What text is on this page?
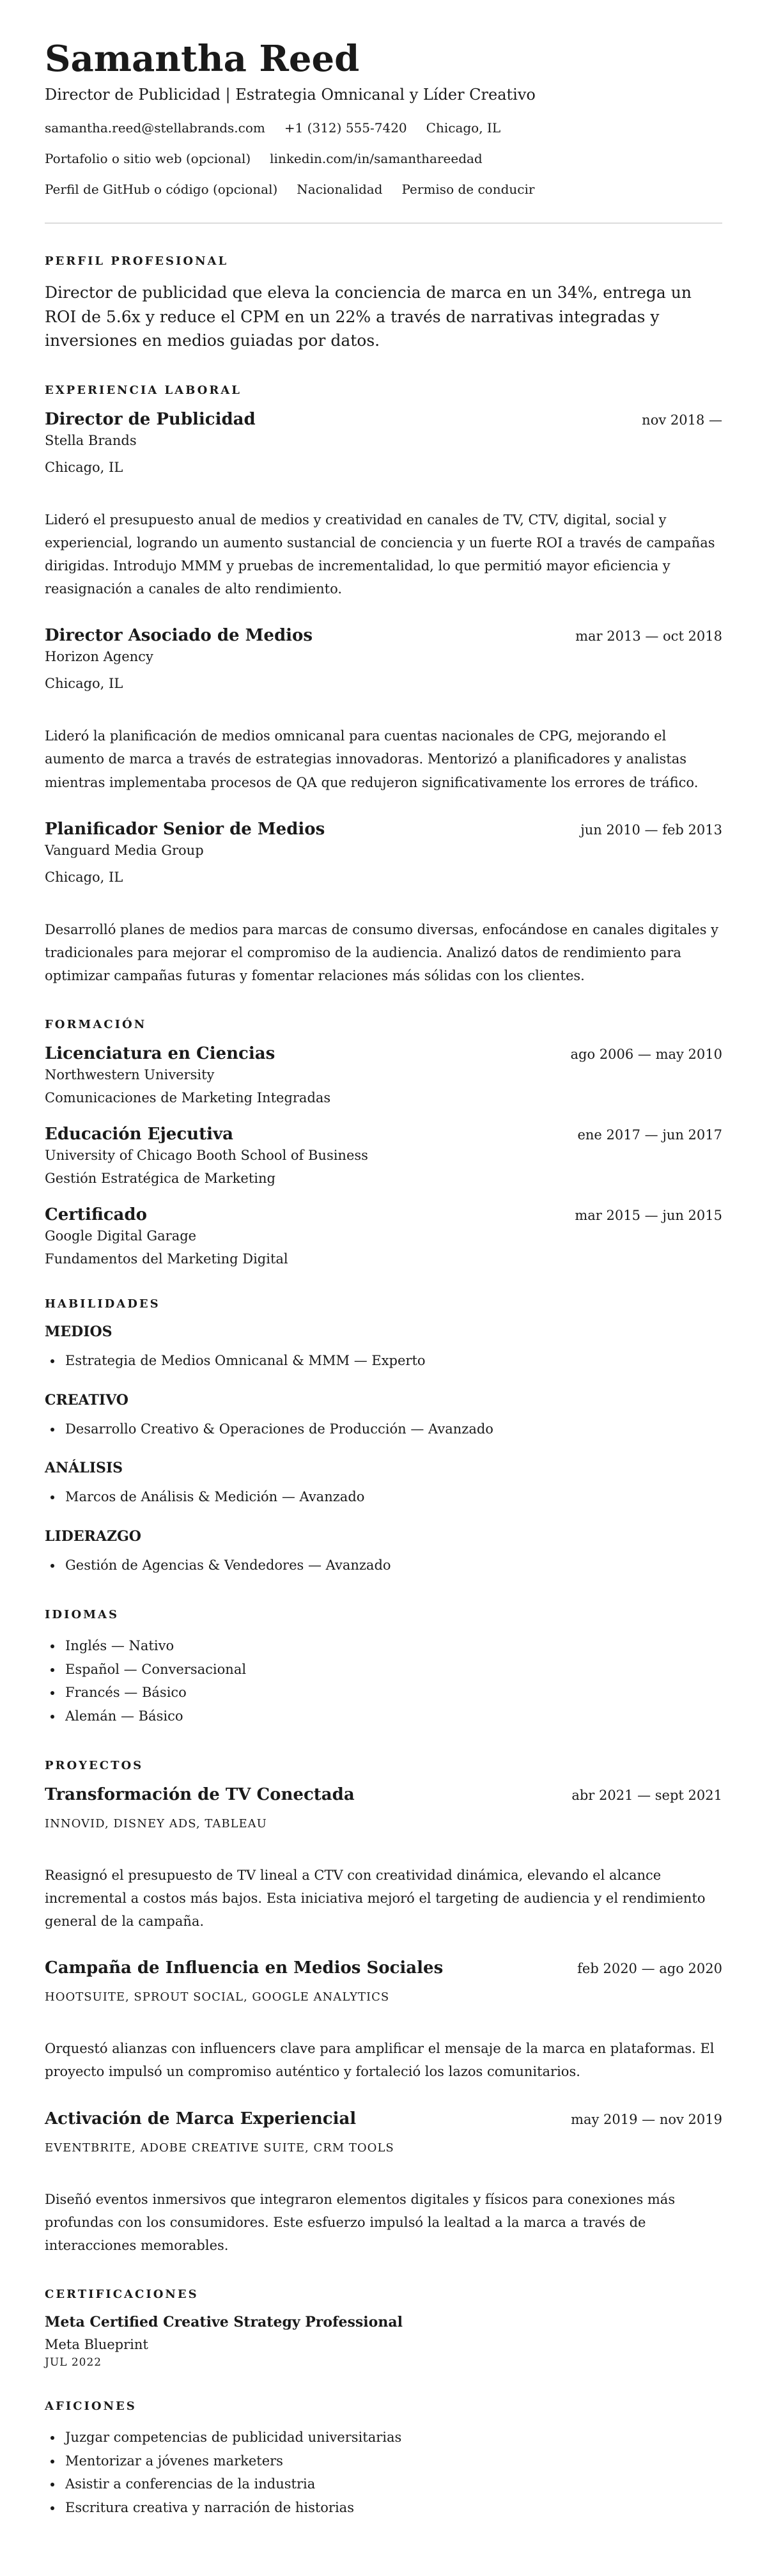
Samantha Reed
Director de Publicidad | Estrategia Omnicanal y Líder Creativo
samantha.reed@stellabrands.com +1 (312) 555-7420 Chicago, IL
Portafolio o sitio web (opcional) linkedin.com/in/samanthareedad
Perfil de GitHub o código (opcional) Nacionalidad Permiso de conducir
PERFIL PROFESIONAL

Director de publicidad que eleva la conciencia de marca en un 34%, entrega un ROI de 5.6x y reduce el CPM en un 22% a través de narrativas integradas y inversiones en medios guiadas por datos.

EXPERIENCIA LABORAL
Director de Publicidad	nov 2018 —
Stella Brands
Chicago, IL

Lideró el presupuesto anual de medios y creatividad en canales de TV, CTV, digital, social y experiencial, logrando un aumento sustancial de conciencia y un fuerte ROI a través de campañas dirigidas. Introdujo MMM y pruebas de incrementalidad, lo que permitió mayor eficiencia y reasignación a canales de alto rendimiento.

Director Asociado de Medios	mar 2013 — oct 2018
Horizon Agency
Chicago, IL

Lideró la planificación de medios omnicanal para cuentas nacionales de CPG, mejorando el aumento de marca a través de estrategias innovadoras. Mentorizó a planificadores y analistas mientras implementaba procesos de QA que redujeron significativamente los errores de tráfico.

Planificador Senior de Medios	jun 2010 — feb 2013
Vanguard Media Group
Chicago, IL

Desarrolló planes de medios para marcas de consumo diversas, enfocándose en canales digitales y tradicionales para mejorar el compromiso de la audiencia. Analizó datos de rendimiento para optimizar campañas futuras y fomentar relaciones más sólidas con los clientes.

FORMACIÓN
Licenciatura en Ciencias	ago 2006 — may 2010
Northwestern University
Comunicaciones de Marketing Integradas
Educación Ejecutiva	ene 2017 — jun 2017
University of Chicago Booth School of Business
Gestión Estratégica de Marketing
Certificado	mar 2015 — jun 2015
Google Digital Garage
Fundamentos del Marketing Digital
HABILIDADES
MEDIOS
• Estrategia de Medios Omnicanal & MMM — Experto
CREATIVO
• Desarrollo Creativo & Operaciones de Producción — Avanzado
ANÁLISIS
• Marcos de Análisis & Medición — Avanzado
LIDERAZGO
• Gestión de Agencias & Vendedores — Avanzado
IDIOMAS
• Inglés — Nativo
• Español — Conversacional
• Francés — Básico
• Alemán — Básico
PROYECTOS
Transformación de TV Conectada	abr 2021 — sept 2021
INNOVID, DISNEY ADS, TABLEAU

Reasignó el presupuesto de TV lineal a CTV con creatividad dinámica, elevando el alcance incremental a costos más bajos. Esta iniciativa mejoró el targeting de audiencia y el rendimiento general de la campaña.

Campaña de Influencia en Medios Sociales	feb 2020 — ago 2020
HOOTSUITE, SPROUT SOCIAL, GOOGLE ANALYTICS

Orquestó alianzas con influencers clave para amplificar el mensaje de la marca en plataformas. El proyecto impulsó un compromiso auténtico y fortaleció los lazos comunitarios.

Activación de Marca Experiencial	may 2019 — nov 2019
EVENTBRITE, ADOBE CREATIVE SUITE, CRM TOOLS

Diseñó eventos inmersivos que integraron elementos digitales y físicos para conexiones más profundas con los consumidores. Este esfuerzo impulsó la lealtad a la marca a través de interacciones memorables.

CERTIFICACIONES
Meta Certified Creative Strategy Professional
Meta Blueprint
JUL 2022
AFICIONES
• Juzgar competencias de publicidad universitarias
• Mentorizar a jóvenes marketers
• Asistir a conferencias de la industria
• Escritura creativa y narración de historias
